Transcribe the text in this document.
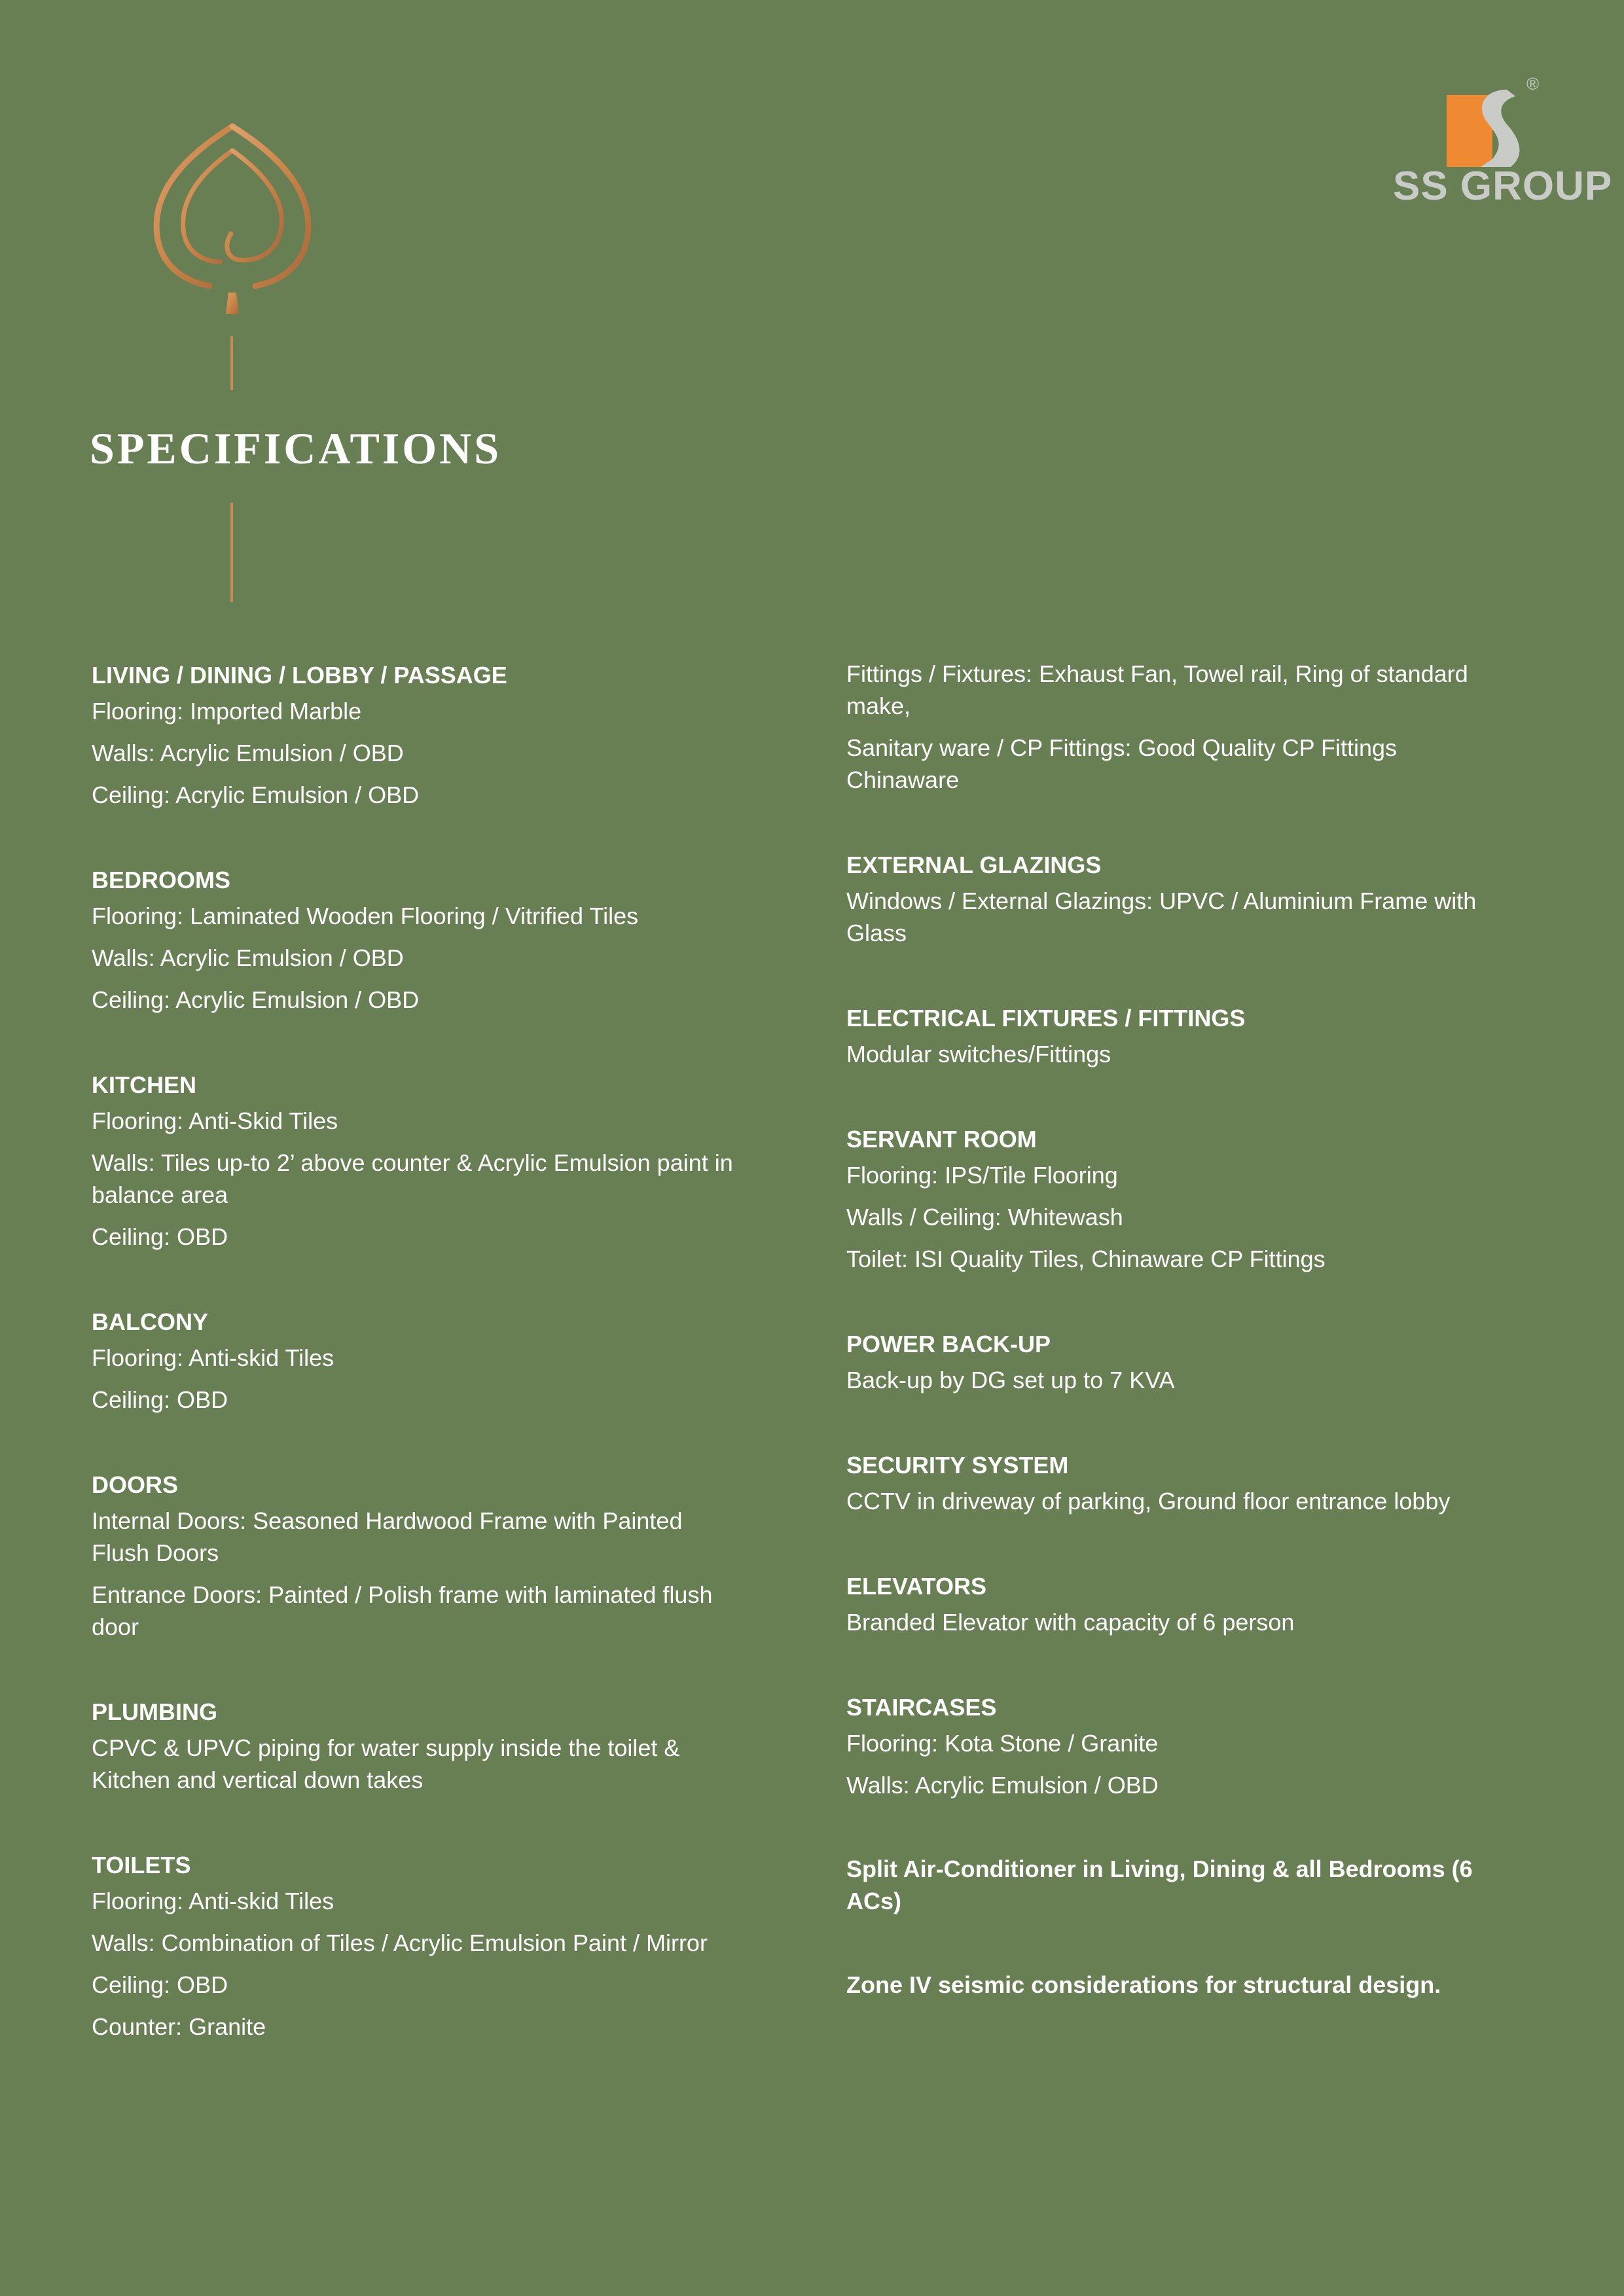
SPECIFICATIONS
®
SS GROUP
LIVING / DINING / LOBBY / PASSAGE
Flooring: Imported Marble
Walls: Acrylic Emulsion / OBD
Ceiling: Acrylic Emulsion / OBD
BEDROOMS
Flooring: Laminated Wooden Flooring / Vitrified Tiles
Walls: Acrylic Emulsion / OBD
Ceiling: Acrylic Emulsion / OBD
KITCHEN
Flooring: Anti-Skid Tiles
Walls: Tiles up-to 2’ above counter & Acrylic Emulsion paint in balance area
Ceiling: OBD
BALCONY
Flooring: Anti-skid Tiles
Ceiling: OBD
DOORS
Internal Doors: Seasoned Hardwood Frame with Painted Flush Doors
Entrance Doors: Painted / Polish frame with laminated flush door
PLUMBING
CPVC & UPVC piping for water supply inside the toilet & Kitchen and vertical down takes
TOILETS
Flooring: Anti-skid Tiles
Walls: Combination of Tiles / Acrylic Emulsion Paint / Mirror
Ceiling: OBD
Counter: Granite
Fittings / Fixtures: Exhaust Fan, Towel rail, Ring of standard make,
Sanitary ware / CP Fittings: Good Quality CP Fittings Chinaware
EXTERNAL GLAZINGS
Windows / External Glazings: UPVC / Aluminium Frame with Glass
ELECTRICAL FIXTURES / FITTINGS
Modular switches/Fittings
SERVANT ROOM
Flooring: IPS/Tile Flooring
Walls / Ceiling: Whitewash
Toilet: ISI Quality Tiles, Chinaware CP Fittings
POWER BACK-UP
Back-up by DG set up to 7 KVA
SECURITY SYSTEM
CCTV in driveway of parking, Ground floor entrance lobby
ELEVATORS
Branded Elevator with capacity of 6 person
STAIRCASES
Flooring: Kota Stone / Granite
Walls: Acrylic Emulsion / OBD
Split Air-Conditioner in Living, Dining & all Bedrooms (6 ACs)
Zone IV seismic considerations for structural design.
